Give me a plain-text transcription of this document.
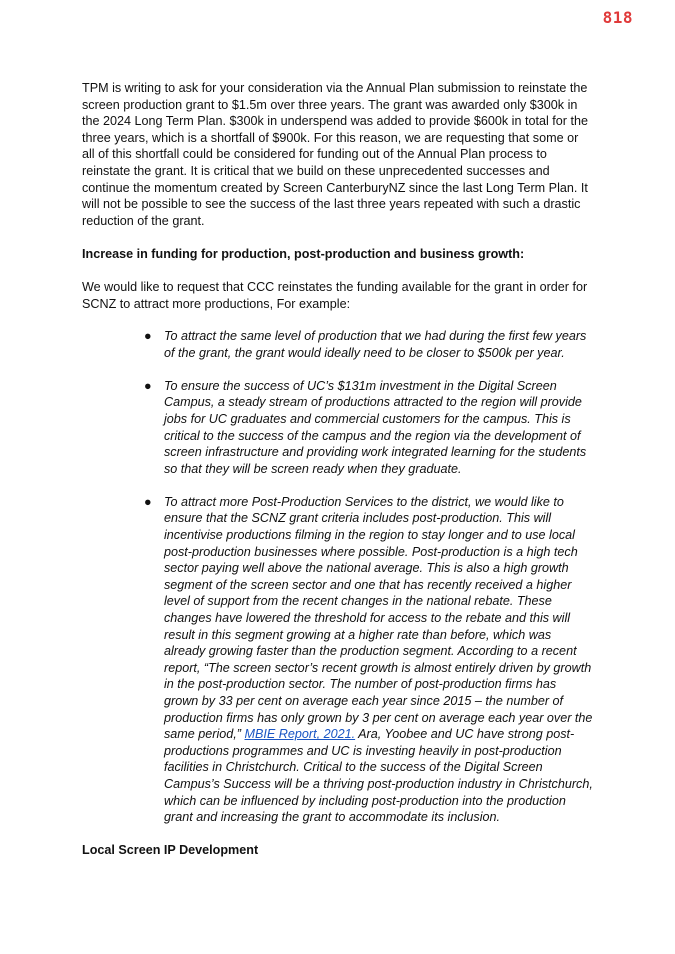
818

TPM is writing to ask for your consideration via the Annual Plan submission to reinstate the screen production grant to $1.5m over three years. The grant was awarded only $300k in the 2024 Long Term Plan. $300k in underspend was added to provide $600k in total for the three years, which is a shortfall of $900k. For this reason, we are requesting that some or all of this shortfall could be considered for funding out of the Annual Plan process to reinstate the grant. It is critical that we build on these unprecedented successes and continue the momentum created by Screen CanterburyNZ since the last Long Term Plan. It will not be possible to see the success of the last three years repeated with such a drastic reduction of the grant.

Increase in funding for production, post-production and business growth:

We would like to request that CCC reinstates the funding available for the grant in order for SCNZ to attract more productions, For example:

● To attract the same level of production that we had during the first few years of the grant, the grant would ideally need to be closer to $500k per year.
● To ensure the success of UC’s $131m investment in the Digital Screen Campus, a steady stream of productions attracted to the region will provide jobs for UC graduates and commercial customers for the campus. This is critical to the success of the campus and the region via the development of screen infrastructure and providing work integrated learning for the students so that they will be screen ready when they graduate.
● To attract more Post-Production Services to the district, we would like to ensure that the SCNZ grant criteria includes post-production. This will incentivise productions filming in the region to stay longer and to use local post-production businesses where possible. Post-production is a high tech sector paying well above the national average. This is also a high growth segment of the screen sector and one that has recently received a higher level of support from the recent changes in the national rebate. These changes have lowered the threshold for access to the rebate and this will result in this segment growing at a higher rate than before, which was already growing faster than the production segment. According to a recent report, “The screen sector’s recent growth is almost entirely driven by growth in the post-production sector. The number of post-production firms has grown by 33 per cent on average each year since 2015 – the number of production firms has only grown by 3 per cent on average each year over the same period,” MBIE Report, 2021. Ara, Yoobee and UC have strong post-productions programmes and UC is investing heavily in post-production facilities in Christchurch. Critical to the success of the Digital Screen Campus’s Success will be a thriving post-production industry in Christchurch, which can be influenced by including post-production into the production grant and increasing the grant to accommodate its inclusion.

Local Screen IP Development
